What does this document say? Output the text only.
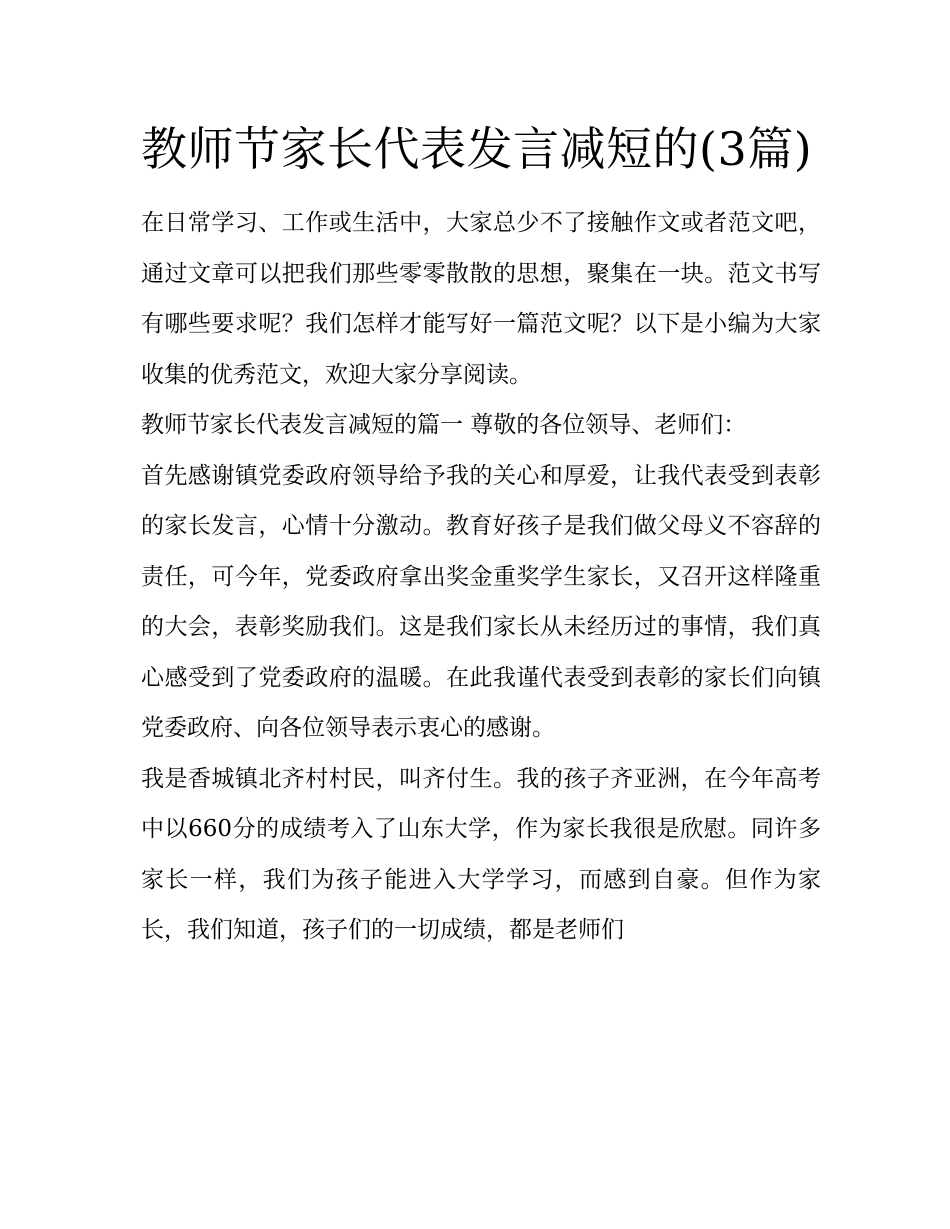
教师节家长代表发言减短的(3篇)

在日常学习、工作或生活中，大家总少不了接触作文或者范文吧，通过文章可以把我们那些零零散散的思想，聚集在一块。范文书写有哪些要求呢？我们怎样才能写好一篇范文呢？以下是小编为大家收集的优秀范文，欢迎大家分享阅读。

教师节家长代表发言减短的篇一 尊敬的各位领导、老师们：

首先感谢镇党委政府领导给予我的关心和厚爱，让我代表受到表彰的家长发言，心情十分激动。教育好孩子是我们做父母义不容辞的责任，可今年，党委政府拿出奖金重奖学生家长，又召开这样隆重的大会，表彰奖励我们。这是我们家长从未经历过的事情，我们真心感受到了党委政府的温暖。在此我谨代表受到表彰的家长们向镇党委政府、向各位领导表示衷心的感谢。

我是香城镇北齐村村民，叫齐付生。我的孩子齐亚洲，在今年高考中以660分的成绩考入了山东大学，作为家长我很是欣慰。同许多家长一样，我们为孩子能进入大学学习，而感到自豪。但作为家长，我们知道，孩子们的一切成绩，都是老师们
